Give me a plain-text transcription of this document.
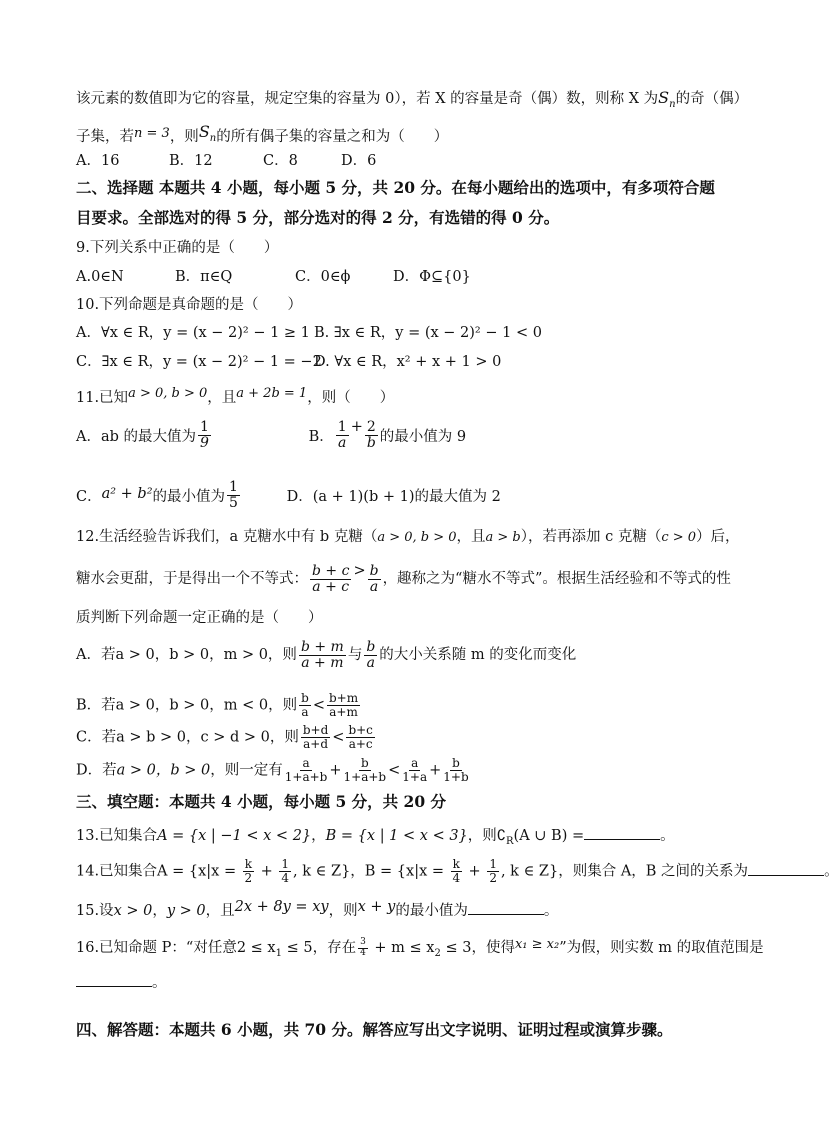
该元素的数值即为它的容量，规定空集的容量为 0），若 X 的容量是奇（偶）数，则称 X 为$S_n$的奇（偶）
子集，若n = 3，则$S_n$的所有偶子集的容量之和为（　　）
A．16	B．12	C．8	D．6
二、选择题 本题共 4 小题，每小题 5 分，共 20 分。在每小题给出的选项中，有多项符合题
目要求。全部选对的得 5 分，部分选对的得 2 分，有选错的得 0 分。
9.下列关系中正确的是（　　）
A.0∈N	B．π∈Q	C．0∈ϕ	D．Φ⊆{0}
10.下列命题是真命题的是（　　）
A．∀x ∈ R，y = (x − 2)² − 1 ≥ 1 B. ∃x ∈ R，y = (x − 2)² − 1 < 0
C．∃x ∈ R，y = (x − 2)² − 1 = −2D. ∀x ∈ R，x² + x + 1 > 0
11.已知a > 0, b > 0，且a + 2b = 1，则（　　）
A．ab 的最大值为 $\frac{1}{9}$	B． $\frac{1}{a} + \frac{2}{b}$ 的最小值为 9
C．a² + b²的最小值为 $\frac{1}{5}$	D．(a + 1)(b + 1)的最大值为 2
12.生活经验告诉我们，a 克糖水中有 b 克糖（a > 0, b > 0，且a > b），若再添加 c 克糖（c > 0）后，
糖水会更甜，于是得出一个不等式： $\frac{b + c}{a + c} > \frac{b}{a}$ ，趣称之为“糖水不等式”。根据生活经验和不等式的性
质判断下列命题一定正确的是（　　）
A．若a > 0，b > 0，m > 0，则 $\frac{b + m}{a + m}$ 与 $\frac{b}{a}$ 的大小关系随 m 的变化而变化
B．若a > 0，b > 0，m < 0，则 $\frac{b}{a} < \frac{b+m}{a+m}$
C．若a > b > 0，c > d > 0，则 $\frac{b+d}{a+d} < \frac{b+c}{a+c}$
D．若a > 0，b > 0，则一定有 $\frac{a}{1+a+b} + \frac{b}{1+a+b} < \frac{a}{1+a} + \frac{b}{1+b}$
三、填空题：本题共 4 小题，每小题 5 分，共 20 分
13.已知集合A = {x | −1 < x < 2}，B = {x | 1 < x < 3}，则$∁_R(A$ ∪ B) =	。
14.已知集合$A = \{x|x = \frac{k}{2} + \frac{1}{4}$ , k ∈ Z}，$B = \{x|x = \frac{k}{4} + \frac{1}{2}$ , k ∈ Z}，则集合 A，B 之间的关系为	。
15.设x > 0，y > 0，且2x + 8y = xy，则x + y的最小值为	。
16.已知命题 P：“对任意$2 \le x_1 \le 5$，存在 $\frac{3}{4} + m \le x_2 \le 3$，使得x₁ ≥ x₂”为假，则实数 m 的取值范围是
。
四、解答题：本题共 6 小题，共 70 分。解答应写出文字说明、证明过程或演算步骤。
